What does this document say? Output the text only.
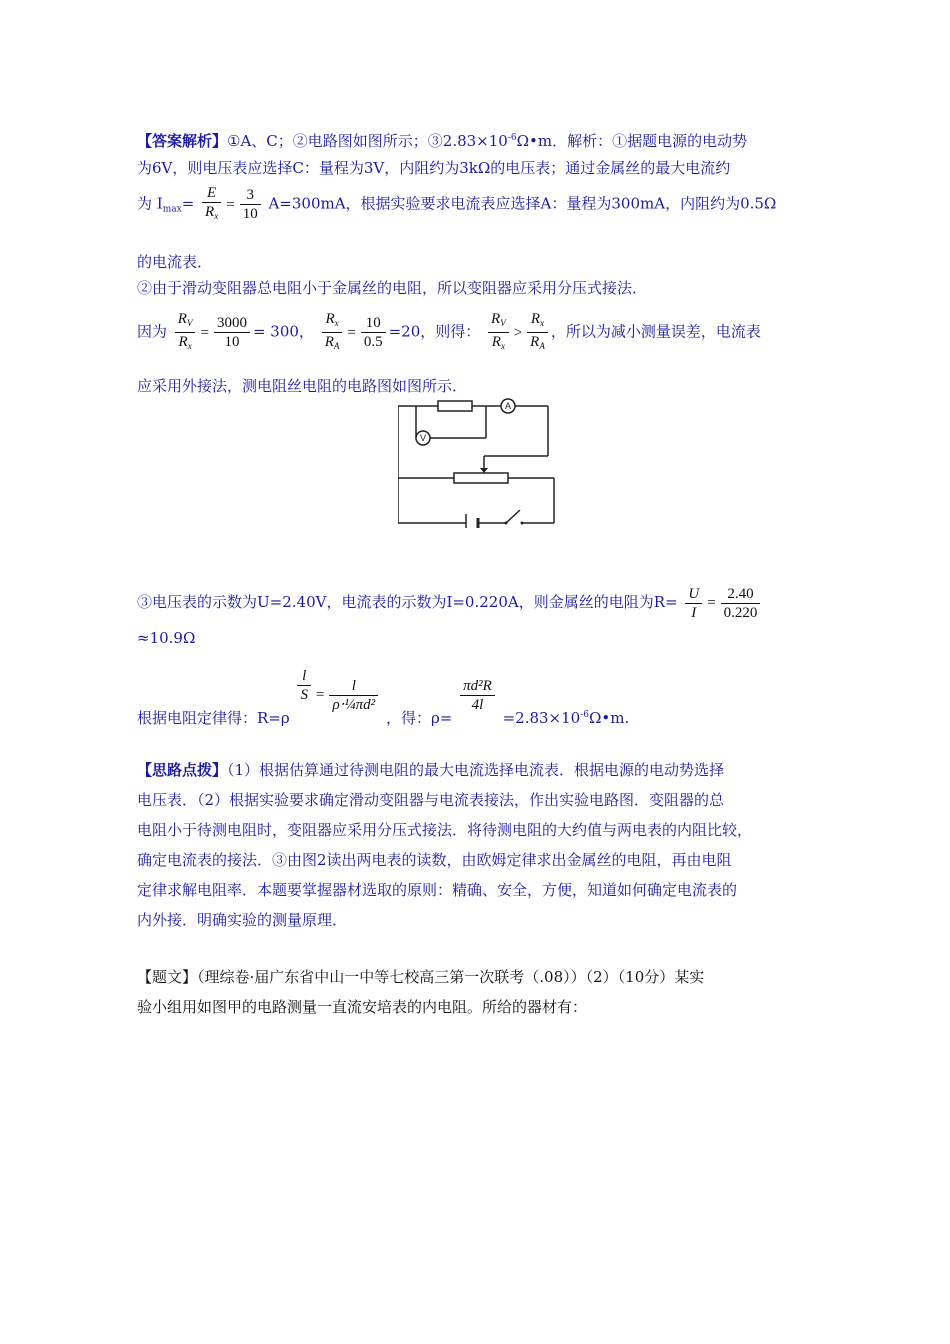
【答案解析】①A、C；②电路图如图所示；$③2.83\times 10^{-6}\Omega•m$．解析：①据题电源的电动势
为6V，则电压表应选择C：量程为3V，内阻约为3kΩ的电压表；通过金属丝的最大电流约
为 $I_{max}= \frac{E}{R_x} = \frac{3}{10} A=300mA$，根据实验要求电流表应选择A：量程为300mA，内阻约为0.5Ω
的电流表．
②由于滑动变阻器总电阻小于金属丝的电阻，所以变阻器应采用分压式接法．
因为 $\frac{R_V}{R_x} = \frac{3000}{10} = 300$， $\frac{R_x}{R_A} = \frac{10}{0.5} =20$，则得： $\frac{R_V}{R_x} > \frac{R_x}{R_A}$ ，所以为减小测量误差，电流表
应采用外接法，测电阻丝电阻的电路图如图所示．
A
V
③电压表的示数为U=2.40V，电流表的示数为I=0.220A，则金属丝的电阻为$R= \frac{U}{I} = \frac{2.40}{0.220}$
≈10.9Ω
根据电阻定律得：R=ρ
$\frac{l}{S} = \frac{l}{\text{ρ⋅¼πd²}}$
，得：ρ=
$\frac{\text{πd²R}}{4l}$
$=2.83\times 10^{-6}\Omega•m$.
【思路点拨】（1）根据估算通过待测电阻的最大电流选择电流表．根据电源的电动势选择
电压表．（2）根据实验要求确定滑动变阻器与电流表接法，作出实验电路图．变阻器的总
电阻小于待测电阻时，变阻器应采用分压式接法．将待测电阻的大约值与两电表的内阻比较，
确定电流表的接法．③由图2读出两电表的读数，由欧姆定律求出金属丝的电阻，再由电阻
定律求解电阻率．本题要掌握器材选取的原则：精确、安全，方便，知道如何确定电流表的
内外接．明确实验的测量原理．
【题文】（理综卷·届广东省中山一中等七校高三第一次联考（.08））（2）（10分）某实
验小组用如图甲的电路测量一直流安培表的内电阻。所给的器材有：
